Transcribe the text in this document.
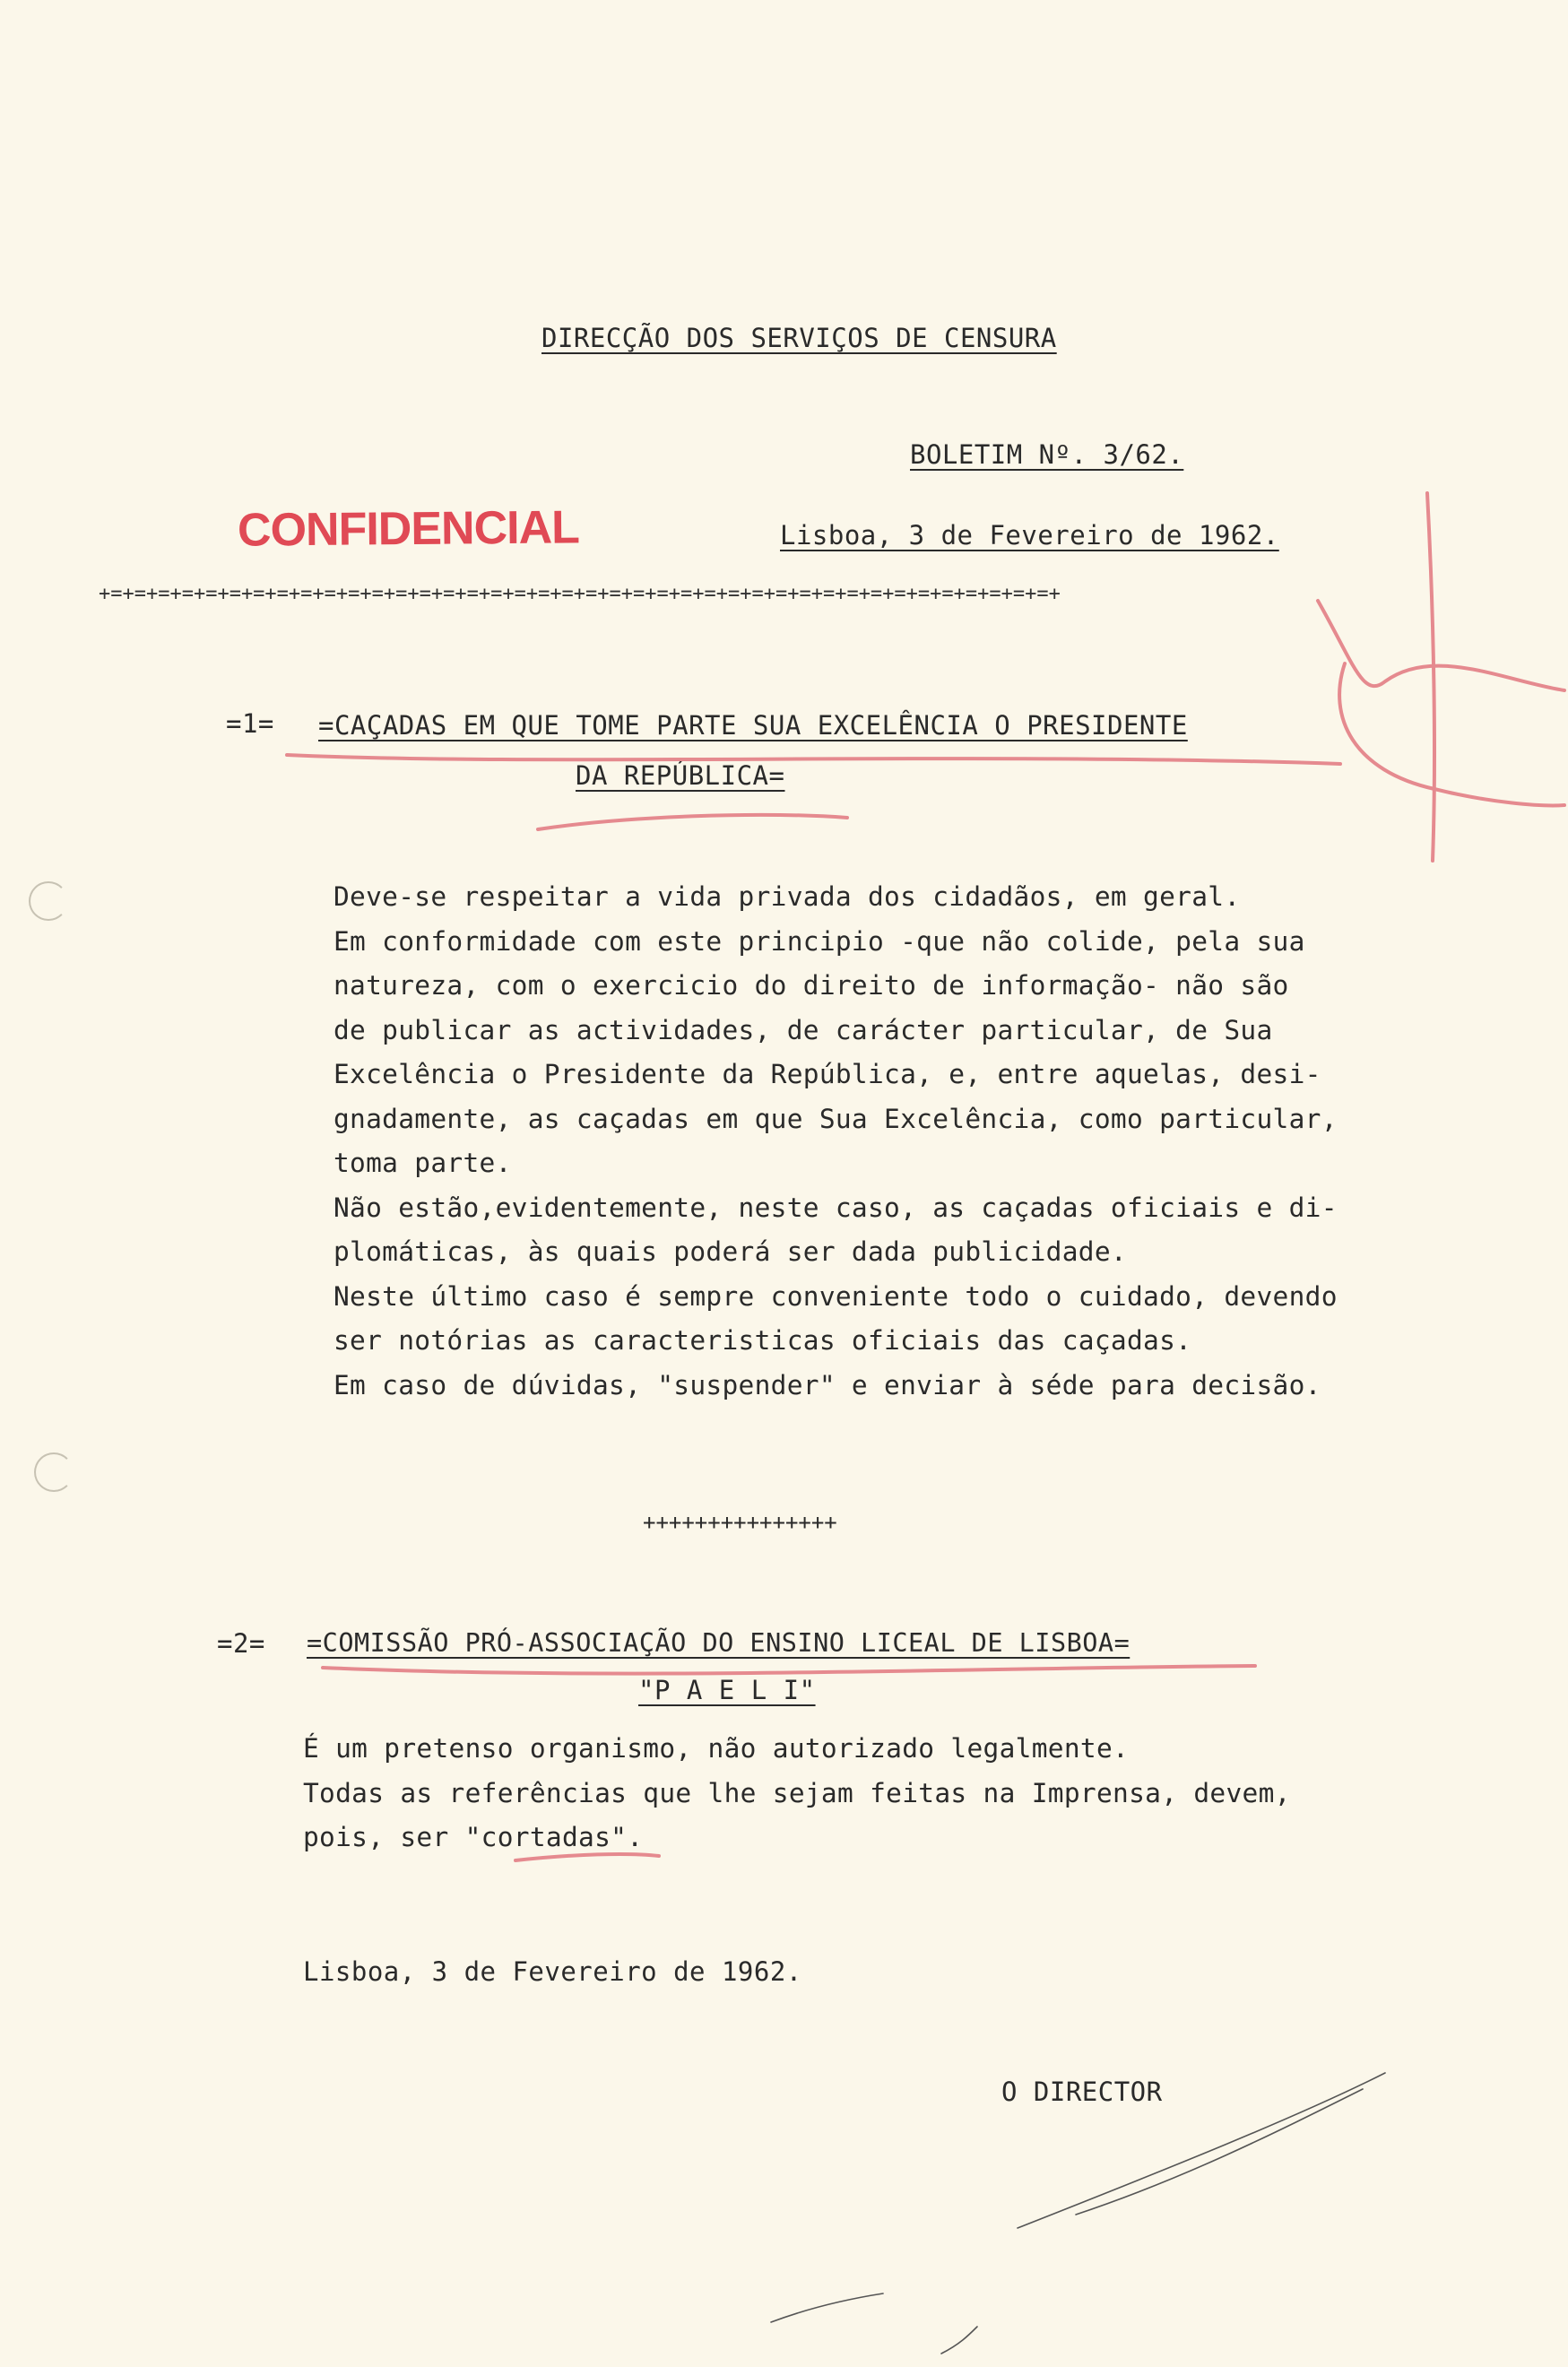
DIRECÇÃO DOS SERVIÇOS DE CENSURA
BOLETIM Nº. 3/62.
CONFIDENCIAL	Lisboa, 3 de Fevereiro de 1962.
+=+=+=+=+=+=+=+=+=+=+=+=+=+=+=+=+=+=+=+=+=+=+=+=+=+=+=+=+=+=+=+=+=+=+=+=+=+=+=+=+
=1= =CAÇADAS EM QUE TOME PARTE SUA EXCELÊNCIA O PRESIDENTE
DA REPÚBLICA=
Deve-se respeitar a vida privada dos cidadãos, em geral.
Em conformidade com este principio -que não colide, pela sua
natureza, com o exercicio do direito de informação- não são
de publicar as actividades, de carácter particular, de Sua
Excelência o Presidente da República, e, entre aquelas, desi-
gnadamente, as caçadas em que Sua Excelência, como particular,
toma parte.
Não estão,evidentemente, neste caso, as caçadas oficiais e di-
plomáticas, às quais poderá ser dada publicidade.
Neste último caso é sempre conveniente todo o cuidado, devendo
ser notórias as caracteristicas oficiais das caçadas.
Em caso de dúvidas, "suspender" e enviar à séde para decisão.
+++++++++++++++
=2= =COMISSÃO PRÓ-ASSOCIAÇÃO DO ENSINO LICEAL DE LISBOA=
"P A E L I"
É um pretenso organismo, não autorizado legalmente.
Todas as referências que lhe sejam feitas na Imprensa, devem,
pois, ser "cortadas".
Lisboa, 3 de Fevereiro de 1962.
O DIRECTOR
